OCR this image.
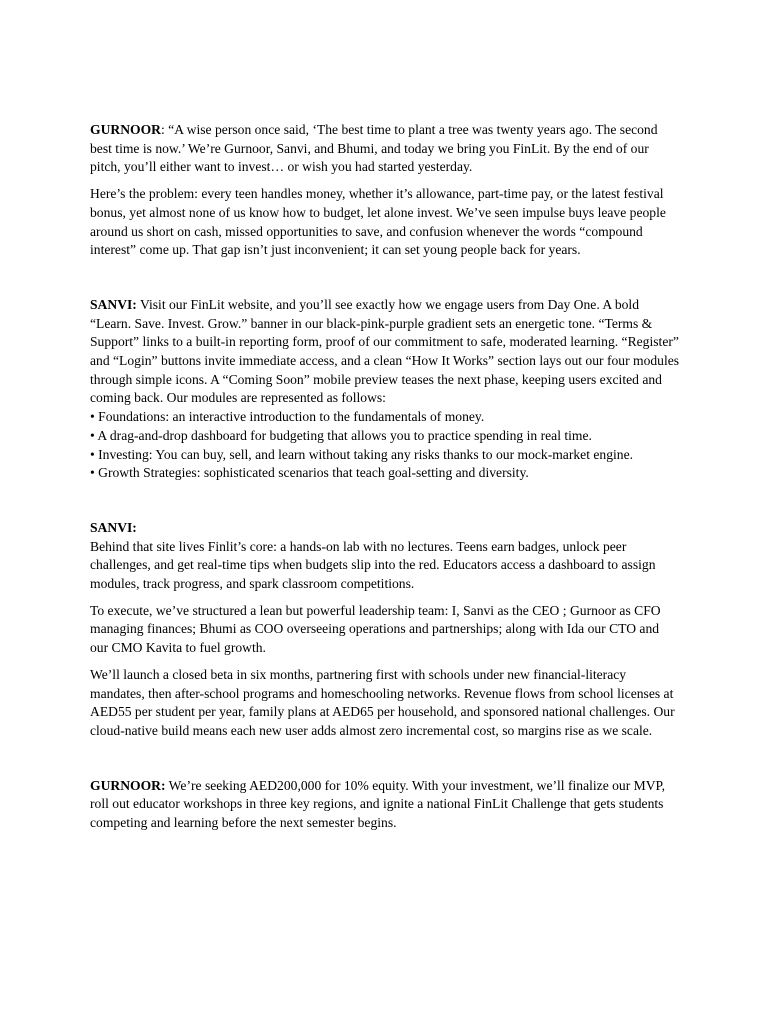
GURNOOR: “A wise person once said, ‘The best time to plant a tree was twenty years ago. The second best time is now.’ We’re Gurnoor, Sanvi, and Bhumi, and today we bring you FinLit. By the end of our pitch, you’ll either want to invest… or wish you had started yesterday.

Here’s the problem: every teen handles money, whether it’s allowance, part-time pay, or the latest festival bonus, yet almost none of us know how to budget, let alone invest. We’ve seen impulse buys leave people around us short on cash, missed opportunities to save, and confusion whenever the words “compound interest” come up. That gap isn’t just inconvenient; it can set young people back for years.

SANVI: Visit our FinLit website, and you’ll see exactly how we engage users from Day One. A bold “Learn. Save. Invest. Grow.” banner in our black-pink-purple gradient sets an energetic tone. “Terms & Support” links to a built-in reporting form, proof of our commitment to safe, moderated learning. “Register” and “Login” buttons invite immediate access, and a clean “How It Works” section lays out our four modules through simple icons. A “Coming Soon” mobile preview teases the next phase, keeping users excited and coming back. Our modules are represented as follows:
• Foundations: an interactive introduction to the fundamentals of money.
• A drag-and-drop dashboard for budgeting that allows you to practice spending in real time.
• Investing: You can buy, sell, and learn without taking any risks thanks to our mock-market engine.
• Growth Strategies: sophisticated scenarios that teach goal-setting and diversity.

SANVI:
Behind that site lives Finlit’s core: a hands-on lab with no lectures. Teens earn badges, unlock peer challenges, and get real-time tips when budgets slip into the red. Educators access a dashboard to assign modules, track progress, and spark classroom competitions.

To execute, we’ve structured a lean but powerful leadership team: I, Sanvi as the CEO ; Gurnoor as CFO managing finances; Bhumi as COO overseeing operations and partnerships; along with Ida our CTO and our CMO Kavita to fuel growth.

We’ll launch a closed beta in six months, partnering first with schools under new financial-literacy mandates, then after-school programs and homeschooling networks. Revenue flows from school licenses at AED55 per student per year, family plans at AED65 per household, and sponsored national challenges. Our cloud-native build means each new user adds almost zero incremental cost, so margins rise as we scale.

GURNOOR: We’re seeking AED200,000 for 10% equity. With your investment, we’ll finalize our MVP, roll out educator workshops in three key regions, and ignite a national FinLit Challenge that gets students competing and learning before the next semester begins.
